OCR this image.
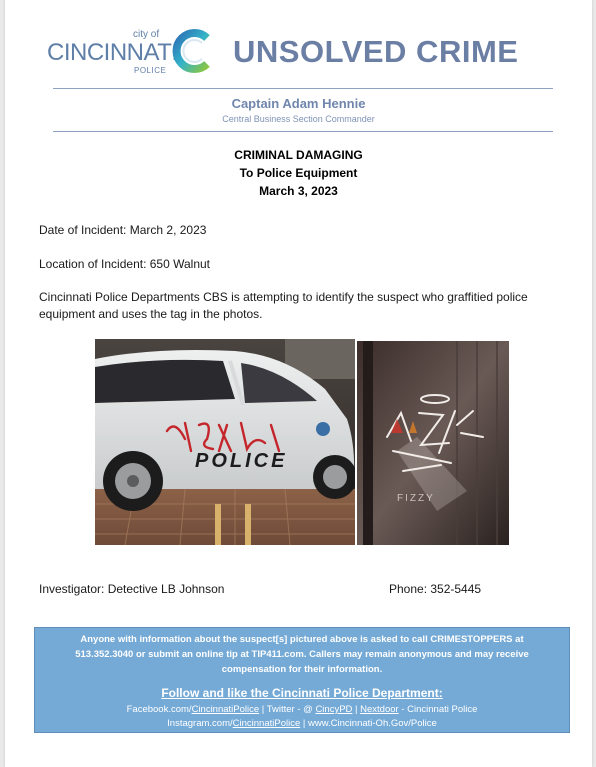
city of
CINCINNATI
POLICE
UNSOLVED CRIME
Captain Adam Hennie
Central Business Section Commander
CRIMINAL DAMAGING
To Police Equipment
March 3, 2023
Date of Incident: March 2, 2023
Location of Incident: 650 Walnut
Cincinnati Police Departments CBS is attempting to identify the suspect who graffitied police
equipment and uses the tag in the photos.
POLICE
FIZZY
Investigator: Detective LB Johnson	Phone: 352-5445
Anyone with information about the suspect[s] pictured above is asked to call CRIMESTOPPERS at
513.352.3040 or submit an online tip at TIP411.com. Callers may remain anonymous and may receive
compensation for their information.
Follow and like the Cincinnati Police Department:
Facebook.com/CincinnatiPolice | Twitter - @ CincyPD | Nextdoor - Cincinnati Police
Instagram.com/CincinnatiPolice | www.Cincinnati-Oh.Gov/Police
